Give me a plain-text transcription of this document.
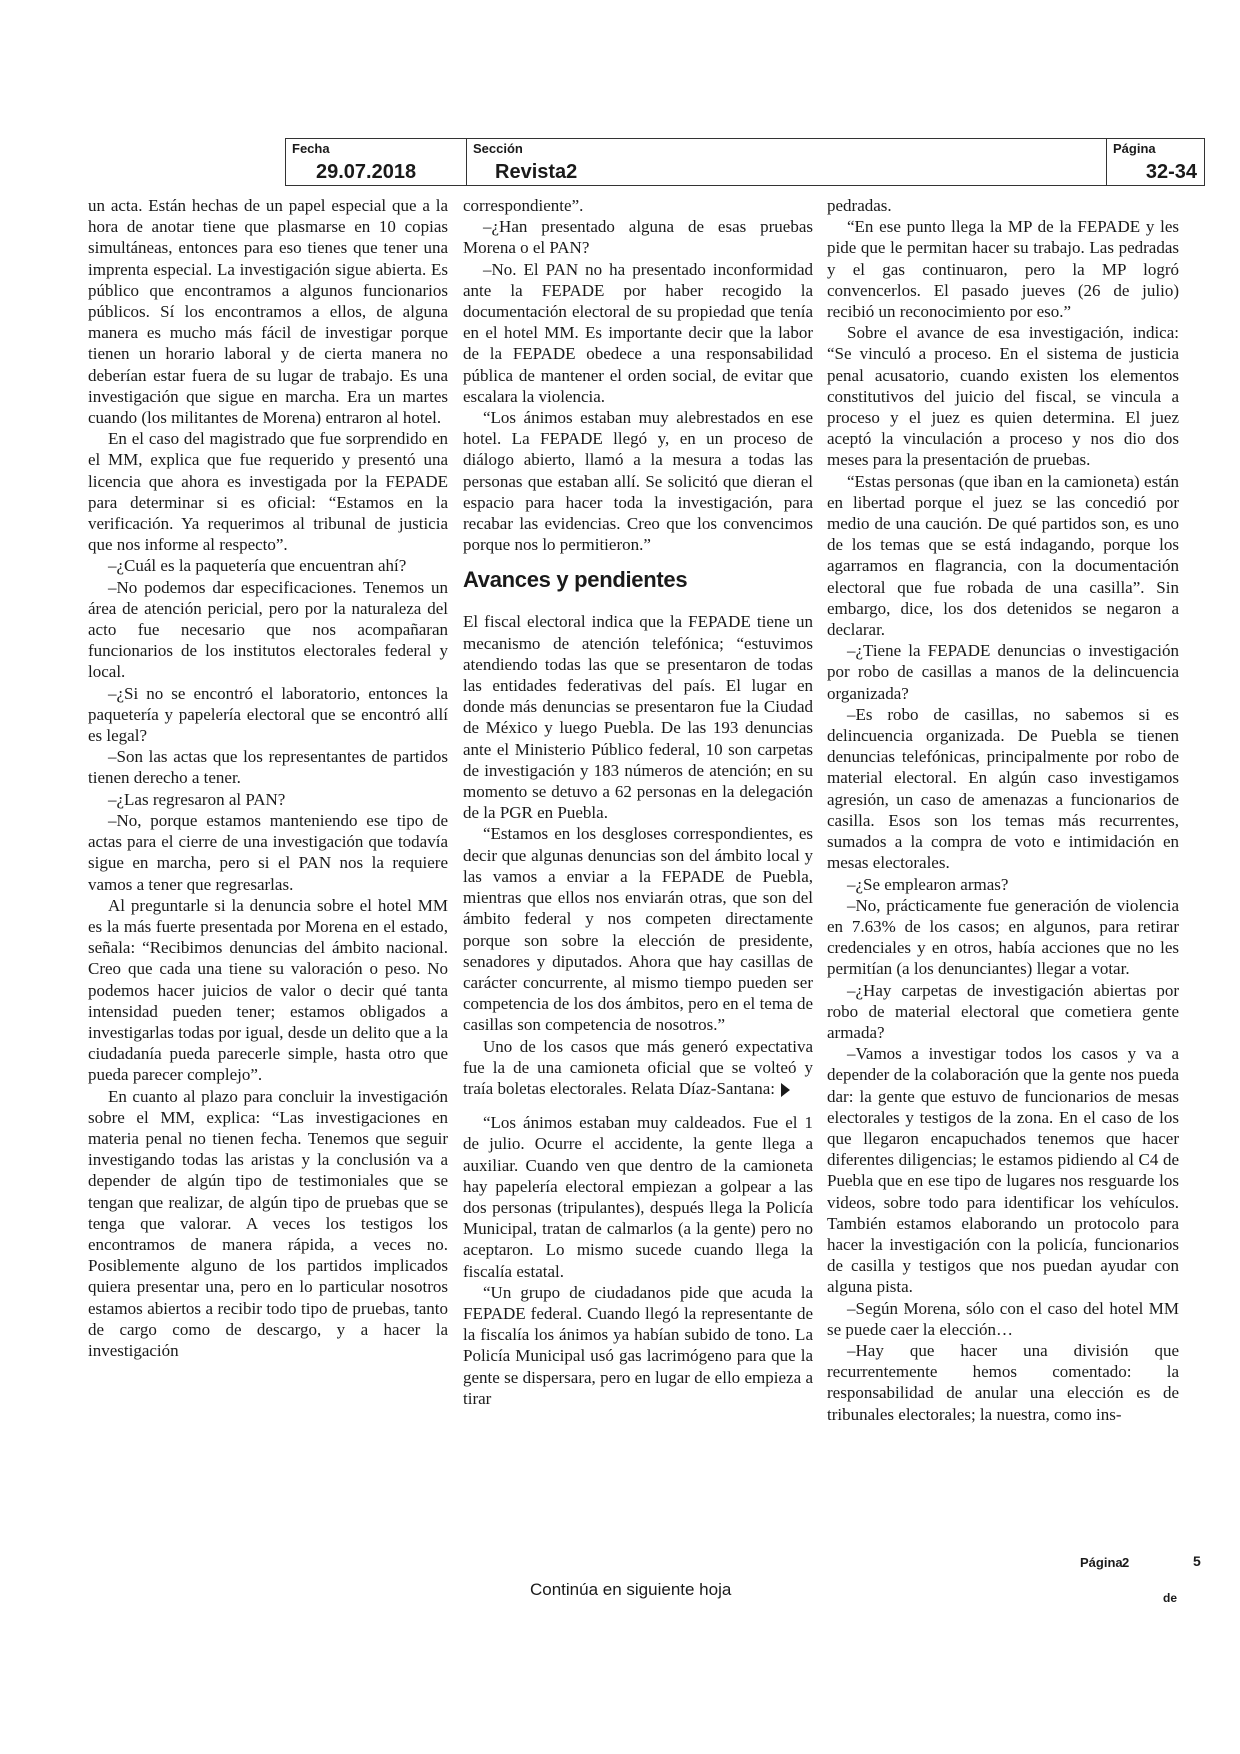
Fecha
29.07.2018
Sección
Revista2
Página
32-34

un acta. Están hechas de un papel especial que a la hora de anotar tiene que plasmarse en 10 copias simultáneas, entonces para eso tienes que tener una imprenta especial. La investigación sigue abierta. Es público que encontramos a algunos funcionarios públicos. Sí los encontramos a ellos, de alguna manera es mucho más fácil de investigar porque tienen un horario laboral y de cierta manera no deberían estar fuera de su lugar de trabajo. Es una investigación que sigue en marcha. Era un martes cuando (los militantes de Morena) entraron al hotel.

En el caso del magistrado que fue sorprendido en el MM, explica que fue requerido y presentó una licencia que ahora es investigada por la FEPADE para determinar si es oficial: “Estamos en la verificación. Ya requerimos al tribunal de justicia que nos informe al respecto”.

–¿Cuál es la paquetería que encuentran ahí?

–No podemos dar especificaciones. Tenemos un área de atención pericial, pero por la naturaleza del acto fue necesario que nos acompañaran funcionarios de los institutos electorales federal y local.

–¿Si no se encontró el laboratorio, entonces la paquetería y papelería electoral que se encontró allí es legal?

–Son las actas que los representantes de partidos tienen derecho a tener.

–¿Las regresaron al PAN?

–No, porque estamos manteniendo ese tipo de actas para el cierre de una investigación que todavía sigue en marcha, pero si el PAN nos la requiere vamos a tener que regresarlas.

Al preguntarle si la denuncia sobre el hotel MM es la más fuerte presentada por Morena en el estado, señala: “Recibimos denuncias del ámbito nacional. Creo que cada una tiene su valoración o peso. No podemos hacer juicios de valor o decir qué tanta intensidad pueden tener; estamos obligados a investigarlas todas por igual, desde un delito que a la ciudadanía pueda parecerle simple, hasta otro que pueda parecer complejo”.

En cuanto al plazo para concluir la investigación sobre el MM, explica: “Las investigaciones en materia penal no tienen fecha. Tenemos que seguir investigando todas las aristas y la conclusión va a depender de algún tipo de testimoniales que se tengan que realizar, de algún tipo de pruebas que se tenga que valorar. A veces los testigos los encontramos de manera rápida, a veces no. Posiblemente alguno de los partidos implicados quiera presentar una, pero en lo particular nosotros estamos abiertos a recibir todo tipo de pruebas, tanto de cargo como de descargo, y a hacer la investigación

correspondiente”.

–¿Han presentado alguna de esas pruebas Morena o el PAN?

–No. El PAN no ha presentado inconformidad ante la FEPADE por haber recogido la documentación electoral de su propiedad que tenía en el hotel MM. Es importante decir que la labor de la FEPADE obedece a una responsabilidad pública de mantener el orden social, de evitar que escalara la violencia.

“Los ánimos estaban muy alebrestados en ese hotel. La FEPADE llegó y, en un proceso de diálogo abierto, llamó a la mesura a todas las personas que estaban allí. Se solicitó que dieran el espacio para hacer toda la investigación, para recabar las evidencias. Creo que los convencimos porque nos lo permitieron.”

Avances y pendientes

El fiscal electoral indica que la FEPADE tiene un mecanismo de atención telefónica; “estuvimos atendiendo todas las que se presentaron de todas las entidades federativas del país. El lugar en donde más denuncias se presentaron fue la Ciudad de México y luego Puebla. De las 193 denuncias ante el Ministerio Público federal, 10 son carpetas de investigación y 183 números de atención; en su momento se detuvo a 62 personas en la delegación de la PGR en Puebla.

“Estamos en los desgloses correspondientes, es decir que algunas denuncias son del ámbito local y las vamos a enviar a la FEPADE de Puebla, mientras que ellos nos enviarán otras, que son del ámbito federal y nos competen directamente porque son sobre la elección de presidente, senadores y diputados. Ahora que hay casillas de carácter concurrente, al mismo tiempo pueden ser competencia de los dos ámbitos, pero en el tema de casillas son competencia de nosotros.”

Uno de los casos que más generó expectativa fue la de una camioneta oficial que se volteó y traía boletas electorales. Relata Díaz-Santana:

“Los ánimos estaban muy caldeados. Fue el 1 de julio. Ocurre el accidente, la gente llega a auxiliar. Cuando ven que dentro de la camioneta hay papelería electoral empiezan a golpear a las dos personas (tripulantes), después llega la Policía Municipal, tratan de calmarlos (a la gente) pero no aceptaron. Lo mismo sucede cuando llega la fiscalía estatal.

“Un grupo de ciudadanos pide que acuda la FEPADE federal. Cuando llegó la representante de la fiscalía los ánimos ya habían subido de tono. La Policía Municipal usó gas lacrimógeno para que la gente se dispersara, pero en lugar de ello empieza a tirar

pedradas.

“En ese punto llega la MP de la FEPADE y les pide que le permitan hacer su trabajo. Las pedradas y el gas continuaron, pero la MP logró convencerlos. El pasado jueves (26 de julio) recibió un reconocimiento por eso.”

Sobre el avance de esa investigación, indica: “Se vinculó a proceso. En el sistema de justicia penal acusatorio, cuando existen los elementos constitutivos del juicio del fiscal, se vincula a proceso y el juez es quien determina. El juez aceptó la vinculación a proceso y nos dio dos meses para la presentación de pruebas.

“Estas personas (que iban en la camioneta) están en libertad porque el juez se las concedió por medio de una caución. De qué partidos son, es uno de los temas que se está indagando, porque los agarramos en flagrancia, con la documentación electoral que fue robada de una casilla”. Sin embargo, dice, los dos detenidos se negaron a declarar.

–¿Tiene la FEPADE denuncias o investigación por robo de casillas a manos de la delincuencia organizada?

–Es robo de casillas, no sabemos si es delincuencia organizada. De Puebla se tienen denuncias telefónicas, principalmente por robo de material electoral. En algún caso investigamos agresión, un caso de amenazas a funcionarios de casilla. Esos son los temas más recurrentes, sumados a la compra de voto e intimidación en mesas electorales.

–¿Se emplearon armas?

–No, prácticamente fue generación de violencia en 7.63% de los casos; en algunos, para retirar credenciales y en otros, había acciones que no les permitían (a los denunciantes) llegar a votar.

–¿Hay carpetas de investigación abiertas por robo de material electoral que cometiera gente armada?

–Vamos a investigar todos los casos y va a depender de la colaboración que la gente nos pueda dar: la gente que estuvo de funcionarios de mesas electorales y testigos de la zona. En el caso de los que llegaron encapuchados tenemos que hacer diferentes diligencias; le estamos pidiendo al C4 de Puebla que en ese tipo de lugares nos resguarde los videos, sobre todo para identificar los vehículos. También estamos elaborando un protocolo para hacer la investigación con la policía, funcionarios de casilla y testigos que nos puedan ayudar con alguna pista.

–Según Morena, sólo con el caso del hotel MM se puede caer la elección…

–Hay que hacer una división que recurrentemente hemos comentado: la responsabilidad de anular una elección es de tribunales electorales; la nuestra, como ins-

Continúa en siguiente hoja
Página 2	5
de
